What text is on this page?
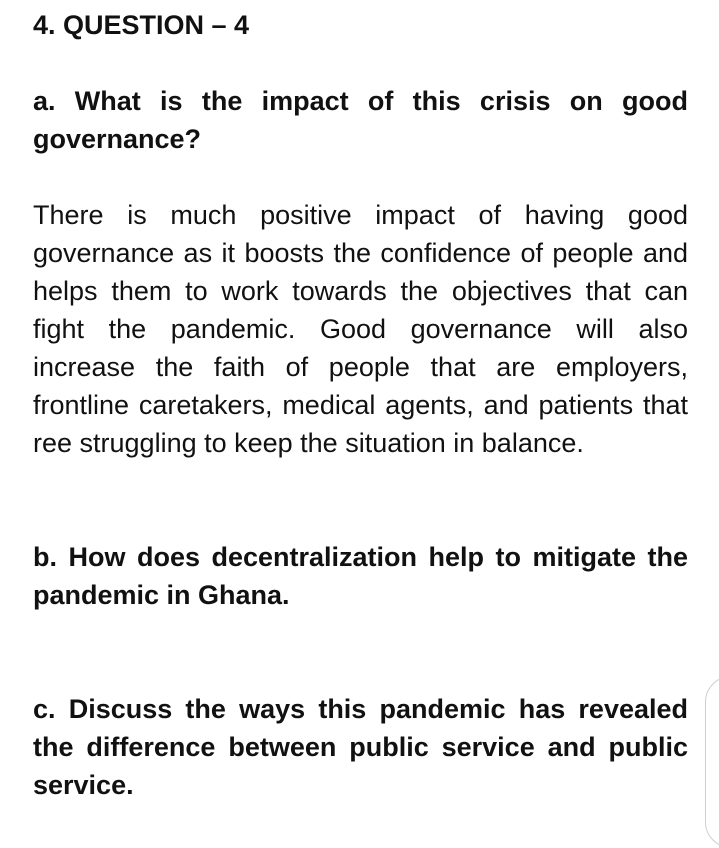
4. QUESTION – 4
a. What is the impact of this crisis on good governance?
There is much positive impact of having good governance as it boosts the confidence of people and helps them to work towards the objectives that can fight the pandemic. Good governance will also increase the faith of people that are employers, frontline caretakers, medical agents, and patients that ree struggling to keep the situation in balance.
b. How does decentralization help to mitigate the pandemic in Ghana.
c. Discuss the ways this pandemic has revealed the difference between public service and public service.
